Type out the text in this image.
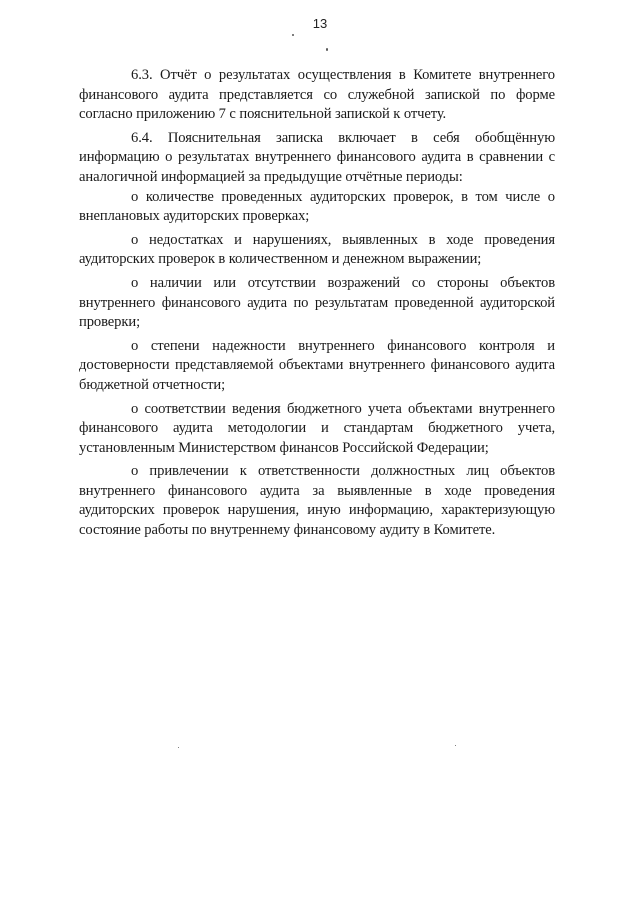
13

6.3. Отчёт о результатах осуществления в Комитете внутреннего финансового аудита представляется со служебной запиской по форме согласно приложению 7 с пояснительной запиской к отчету.

6.4. Пояснительная записка включает в себя обобщённую информацию о результатах внутреннего финансового аудита в сравнении с аналогичной информацией за предыдущие отчётные периоды:

о количестве проведенных аудиторских проверок, в том числе о внеплановых аудиторских проверках;

о недостатках и нарушениях, выявленных в ходе проведения аудиторских проверок в количественном и денежном выражении;

о наличии или отсутствии возражений со стороны объектов внутреннего финансового аудита по результатам проведенной аудиторской проверки;

о степени надежности внутреннего финансового контроля и достоверности представляемой объектами внутреннего финансового аудита бюджетной отчетности;

о соответствии ведения бюджетного учета объектами внутреннего финансового аудита методологии и стандартам бюджетного учета, установленным Министерством финансов Российской Федерации;

о привлечении к ответственности должностных лиц объектов внутреннего финансового аудита за выявленные в ходе проведения аудиторских проверок нарушения, иную информацию, характеризующую состояние работы по внутреннему финансовому аудиту в Комитете.
